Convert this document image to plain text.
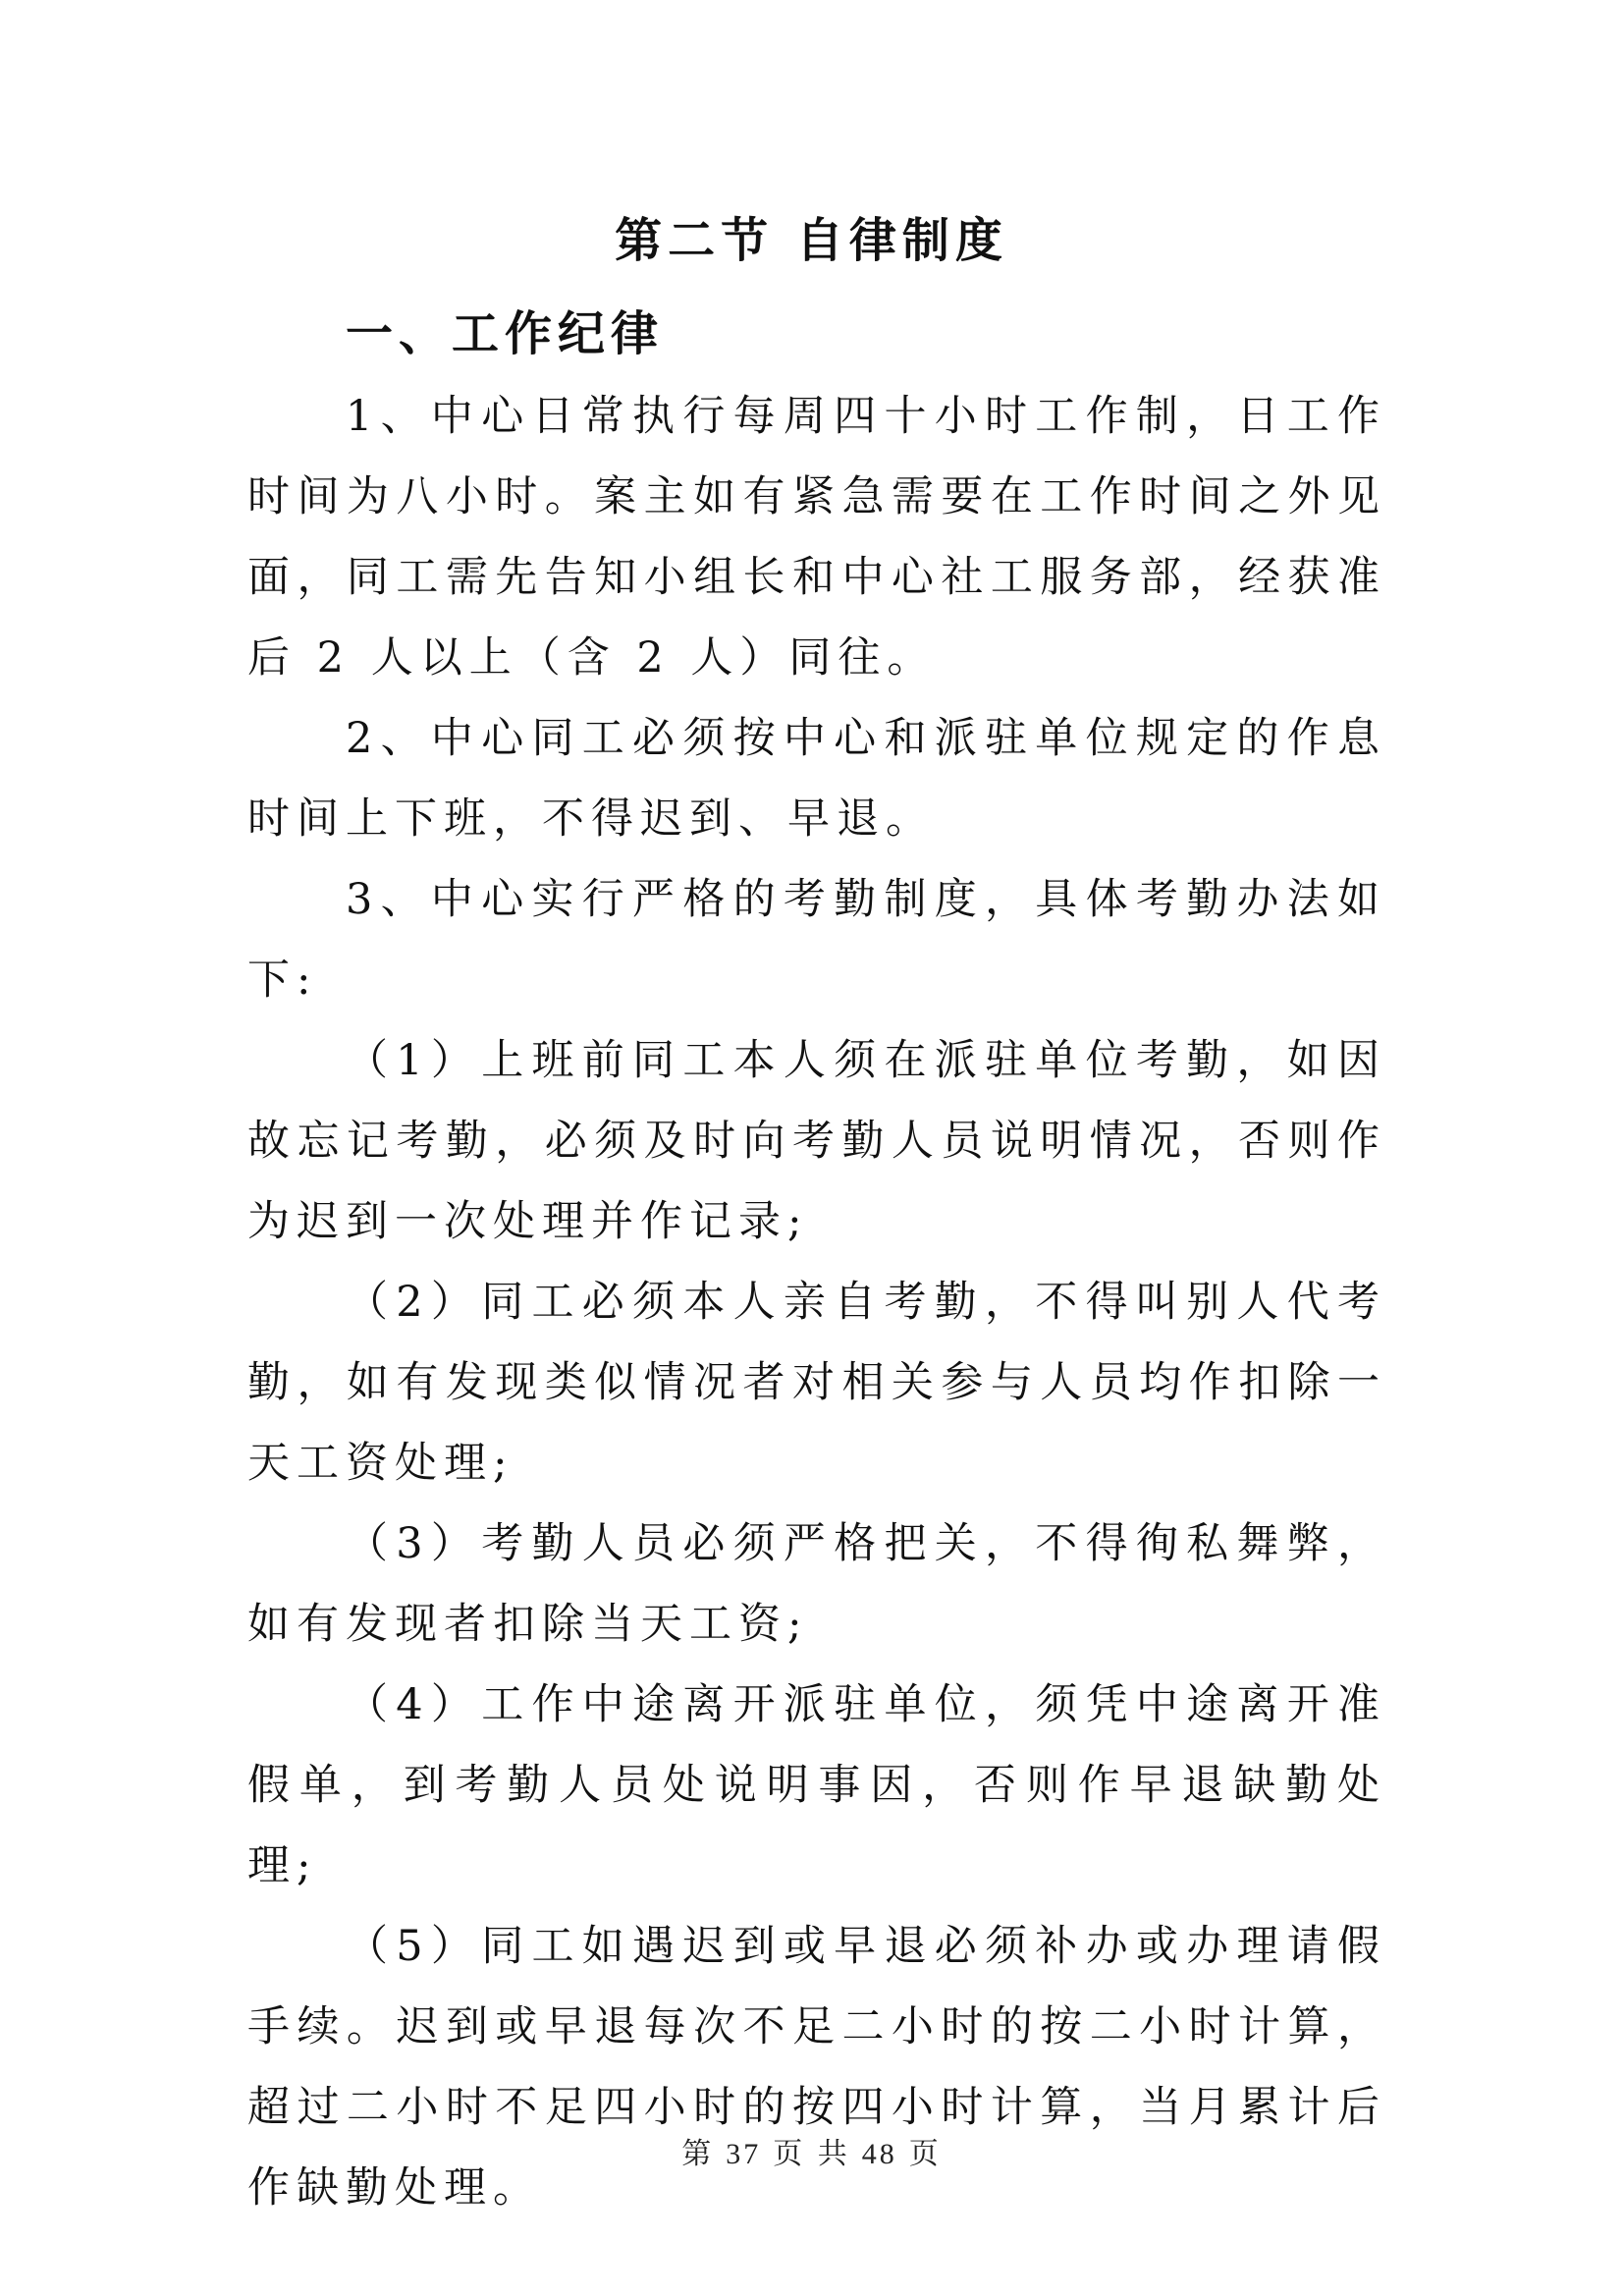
第二节 自律制度
一、工作纪律

1、中心日常执行每周四十小时工作制，日工作时间为八小时。案主如有紧急需要在工作时间之外见面，同工需先告知小组长和中心社工服务部，经获准后 2 人以上（含 2 人）同往。

2、中心同工必须按中心和派驻单位规定的作息时间上下班，不得迟到、早退。

3、中心实行严格的考勤制度，具体考勤办法如下:

（1）上班前同工本人须在派驻单位考勤，如因故忘记考勤，必须及时向考勤人员说明情况，否则作为迟到一次处理并作记录;

（2）同工必须本人亲自考勤，不得叫别人代考勤，如有发现类似情况者对相关参与人员均作扣除一天工资处理;

（3）考勤人员必须严格把关，不得徇私舞弊，如有发现者扣除当天工资;

（4）工作中途离开派驻单位，须凭中途离开准假单，到考勤人员处说明事因，否则作早退缺勤处理;

（5）同工如遇迟到或早退必须补办或办理请假手续。迟到或早退每次不足二小时的按二小时计算，超过二小时不足四小时的按四小时计算，当月累计后作缺勤处理。

第 37 页 共 48 页
